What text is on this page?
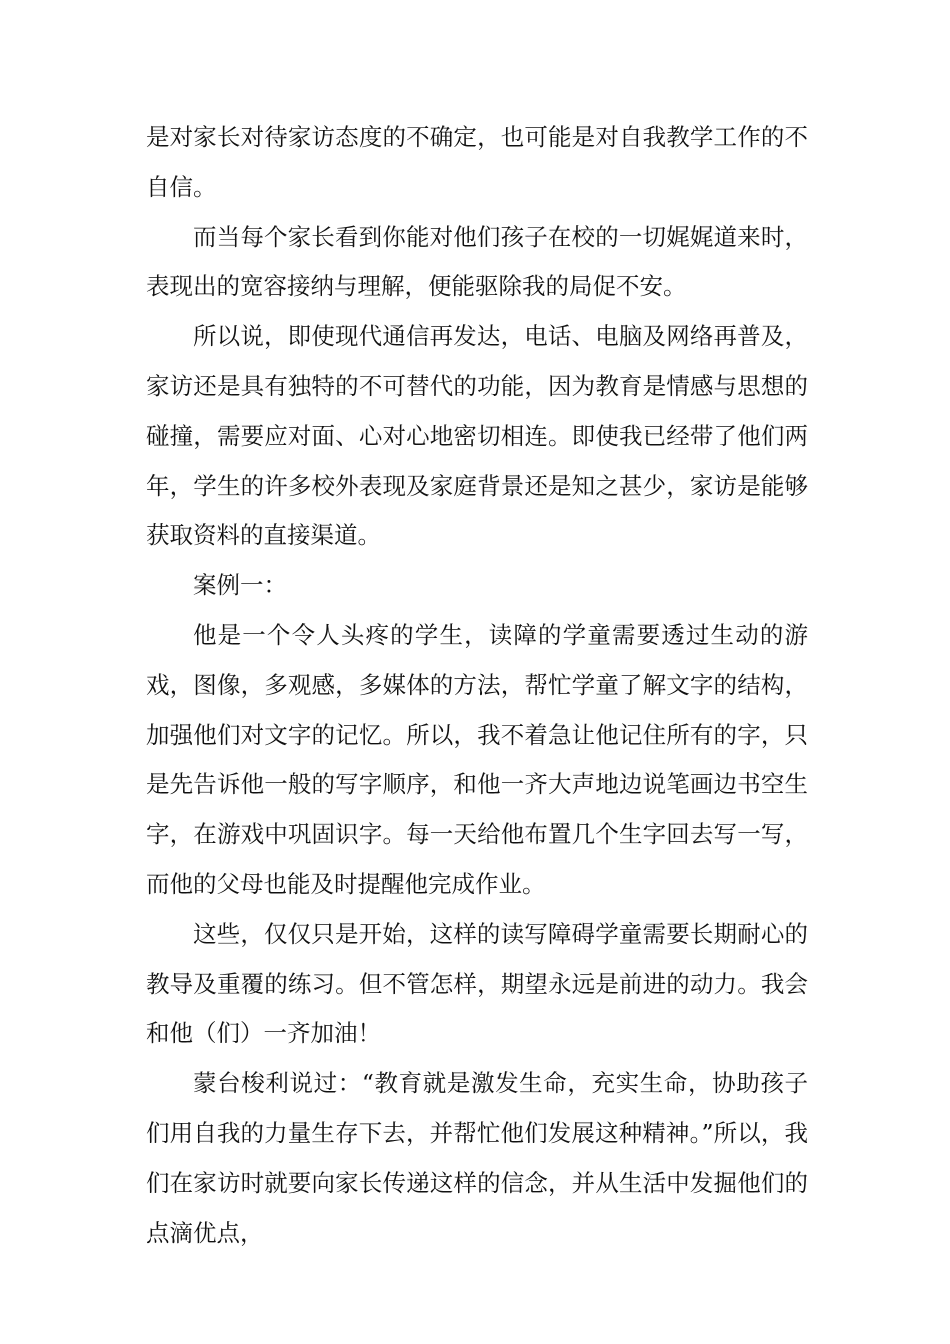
是对家长对待家访态度的不确定，也可能是对自我教学工作的不自信。

而当每个家长看到你能对他们孩子在校的一切娓娓道来时，表现出的宽容接纳与理解，便能驱除我的局促不安。

所以说，即使现代通信再发达，电话、电脑及网络再普及，家访还是具有独特的不可替代的功能，因为教育是情感与思想的碰撞，需要应对面、心对心地密切相连。即使我已经带了他们两年，学生的许多校外表现及家庭背景还是知之甚少，家访是能够获取资料的直接渠道。

案例一：

他是一个令人头疼的学生，读障的学童需要透过生动的游戏，图像，多观感，多媒体的方法，帮忙学童了解文字的结构，加强他们对文字的记忆。所以，我不着急让他记住所有的字，只是先告诉他一般的写字顺序，和他一齐大声地边说笔画边书空生字，在游戏中巩固识字。每一天给他布置几个生字回去写一写，而他的父母也能及时提醒他完成作业。

这些，仅仅只是开始，这样的读写障碍学童需要长期耐心的教导及重覆的练习。但不管怎样，期望永远是前进的动力。我会和他（们）一齐加油！

蒙台梭利说过：“教育就是激发生命，充实生命，协助孩子们用自我的力量生存下去，并帮忙他们发展这种精神。”所以，我们在家访时就要向家长传递这样的信念，并从生活中发掘他们的点滴优点，
